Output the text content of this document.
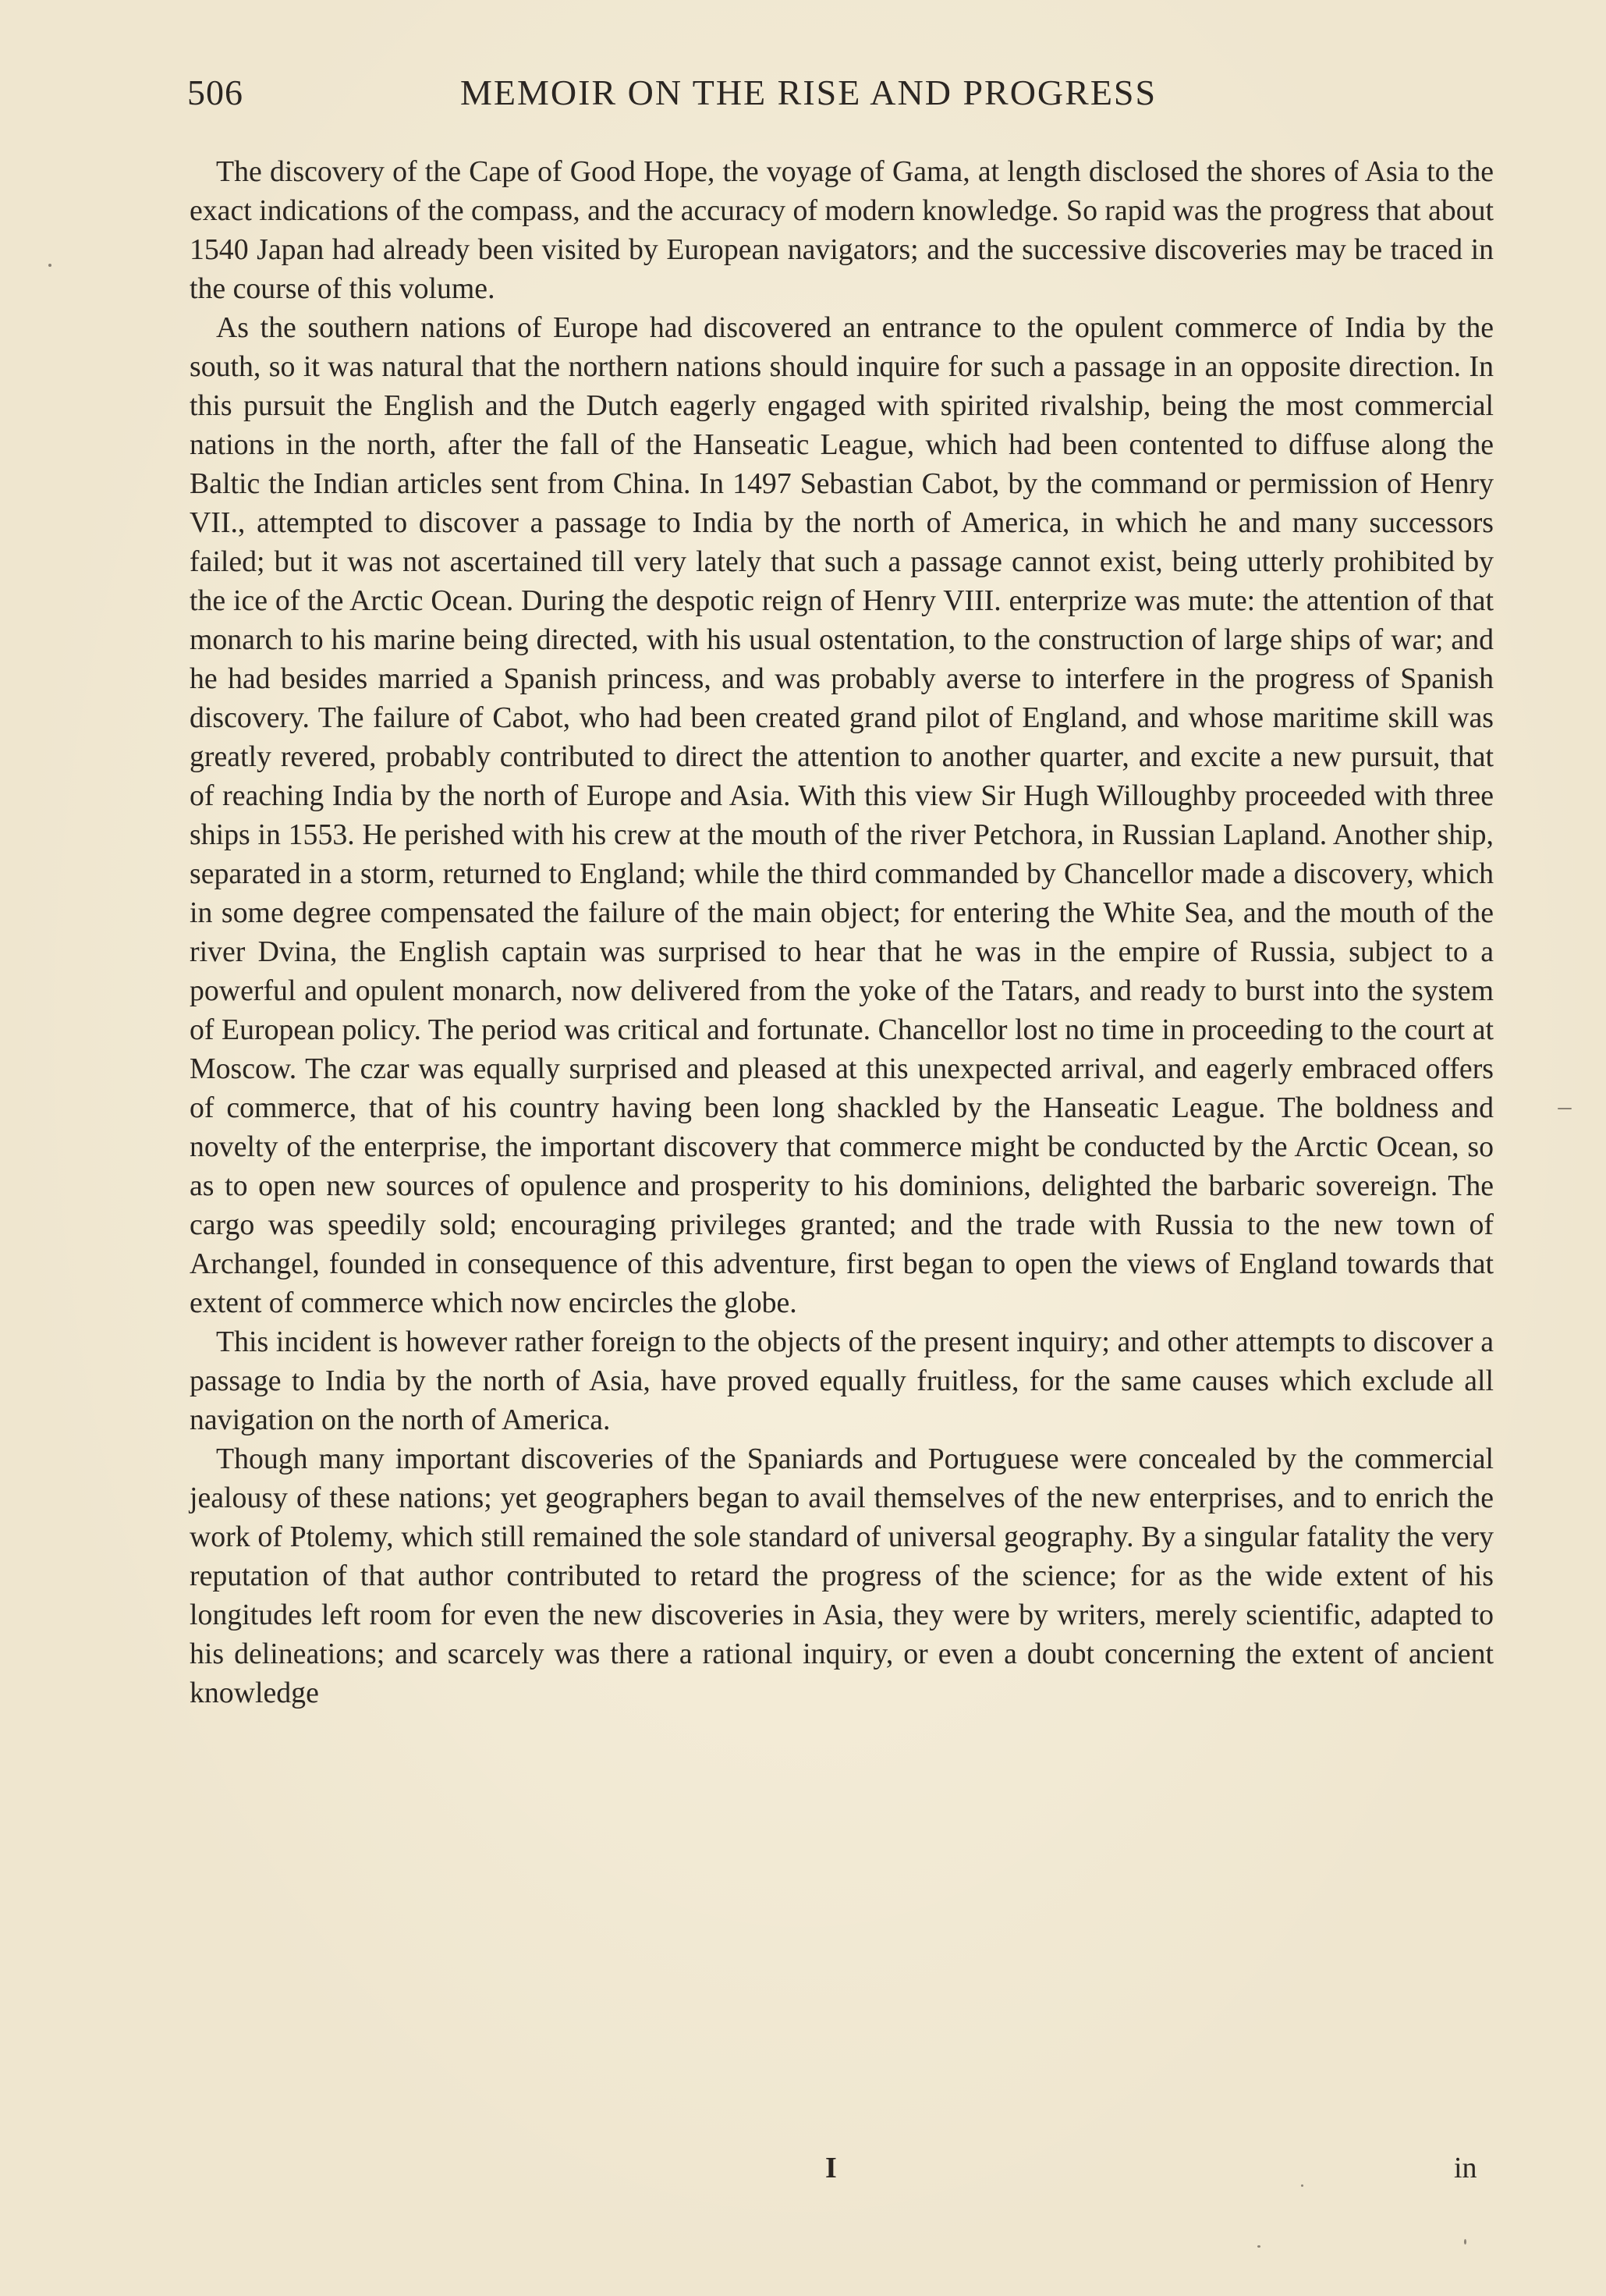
506	MEMOIR ON THE RISE AND PROGRESS

The discovery of the Cape of Good Hope, the voyage of Gama, at length disclosed the shores of Asia to the exact indications of the compass, and the accuracy of modern knowledge. So rapid was the progress that about 1540 Japan had already been visited by European navigators; and the successive discoveries may be traced in the course of this volume.

As the southern nations of Europe had discovered an entrance to the opulent commerce of India by the south, so it was natural that the northern nations should inquire for such a passage in an opposite direction. In this pursuit the English and the Dutch eagerly engaged with spirited rivalship, being the most commercial nations in the north, after the fall of the Hanseatic League, which had been contented to diffuse along the Baltic the Indian articles sent from China. In 1497 Sebastian Cabot, by the command or permission of Henry VII., attempted to discover a passage to India by the north of America, in which he and many successors failed; but it was not ascertained till very lately that such a passage cannot exist, being utterly prohibited by the ice of the Arctic Ocean. During the despotic reign of Henry VIII. enterprize was mute: the attention of that monarch to his marine being directed, with his usual ostentation, to the construction of large ships of war; and he had besides married a Spanish princess, and was probably averse to interfere in the progress of Spanish discovery. The failure of Cabot, who had been created grand pilot of England, and whose maritime skill was greatly revered, probably contributed to direct the attention to another quarter, and excite a new pursuit, that of reaching India by the north of Europe and Asia. With this view Sir Hugh Willoughby proceeded with three ships in 1553. He perished with his crew at the mouth of the river Petchora, in Russian Lapland. Another ship, separated in a storm, returned to England; while the third commanded by Chancellor made a discovery, which in some degree compensated the failure of the main object; for entering the White Sea, and the mouth of the river Dvina, the English captain was surprised to hear that he was in the empire of Russia, subject to a powerful and opulent monarch, now delivered from the yoke of the Tatars, and ready to burst into the system of European policy. The period was critical and fortunate. Chancellor lost no time in proceeding to the court at Moscow. The czar was equally surprised and pleased at this unexpected arrival, and eagerly embraced offers of commerce, that of his country having been long shackled by the Hanseatic League. The boldness and novelty of the enterprise, the important discovery that commerce might be conducted by the Arctic Ocean, so as to open new sources of opulence and prosperity to his dominions, delighted the barbaric sovereign. The cargo was speedily sold; encouraging privileges granted; and the trade with Russia to the new town of Archangel, founded in consequence of this adventure, first began to open the views of England towards that extent of commerce which now encircles the globe.

This incident is however rather foreign to the objects of the present inquiry; and other attempts to discover a passage to India by the north of Asia, have proved equally fruitless, for the same causes which exclude all navigation on the north of America.

Though many important discoveries of the Spaniards and Portuguese were concealed by the commercial jealousy of these nations; yet geographers began to avail themselves of the new enterprises, and to enrich the work of Ptolemy, which still remained the sole standard of universal geography. By a singular fatality the very reputation of that author contributed to retard the progress of the science; for as the wide extent of his longitudes left room for even the new discoveries in Asia, they were by writers, merely scientific, adapted to his delineations; and scarcely was there a rational inquiry, or even a doubt concerning the extent of ancient knowledge

I	in
